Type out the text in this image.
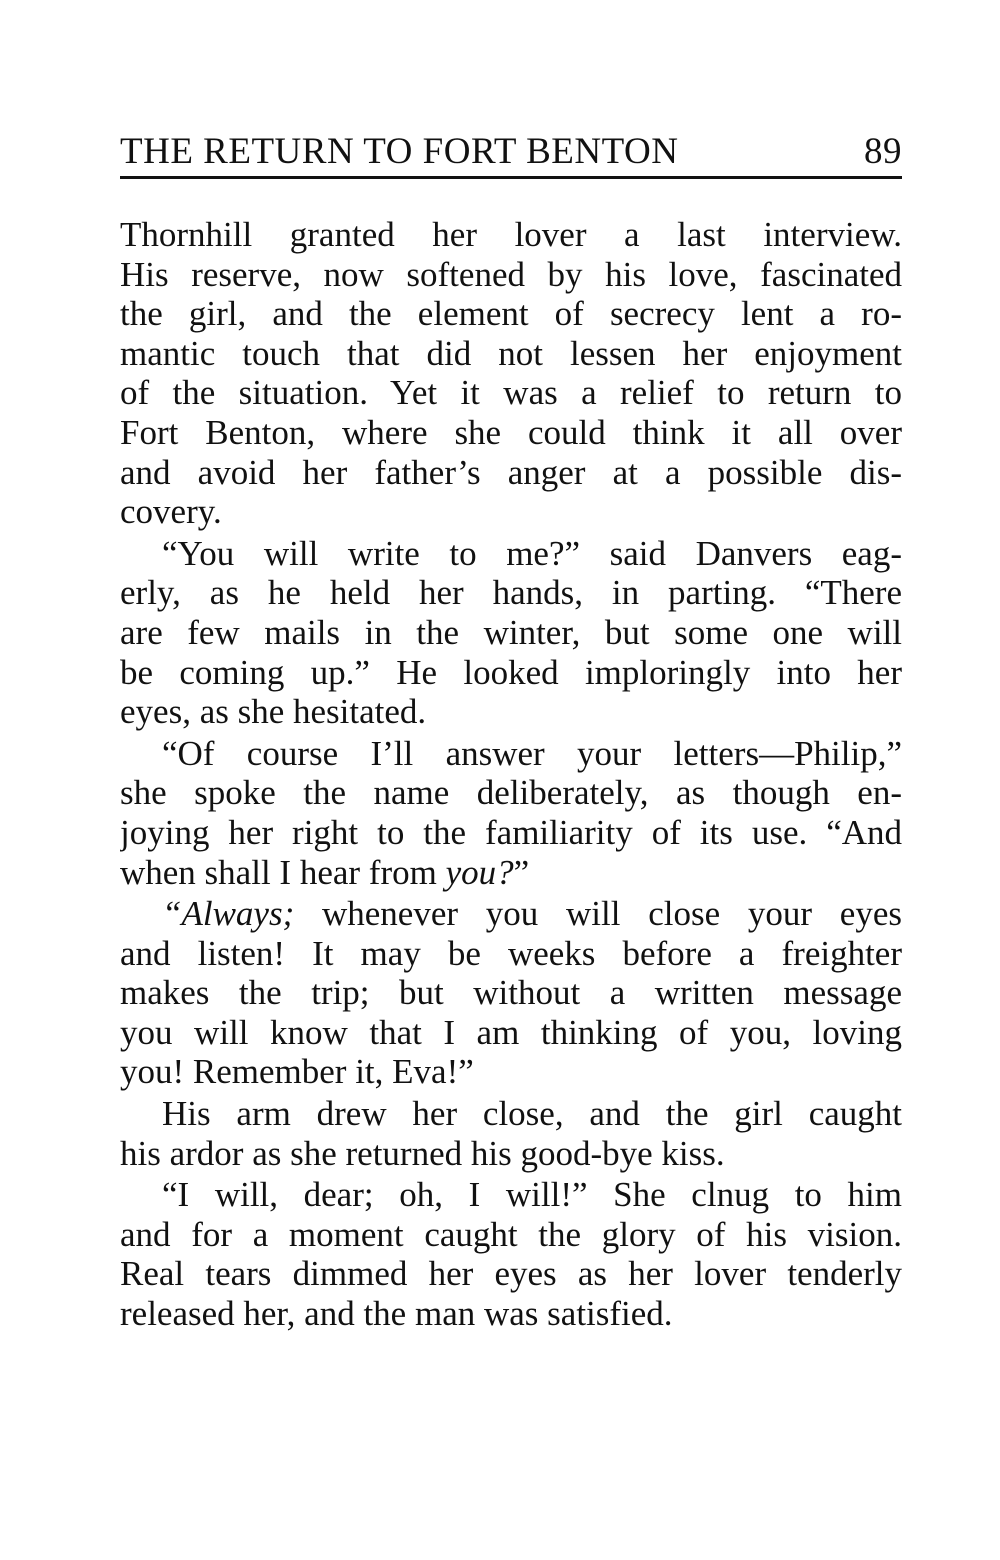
THE RETURN TO FORT BENTON	89
Thornhill granted her lover a last interview.
His reserve, now softened by his love, fascinated
the girl, and the element of secrecy lent a ro-
mantic touch that did not lessen her enjoyment
of the situation. Yet it was a relief to return to
Fort Benton, where she could think it all over
and avoid her father’s anger at a possible dis-
covery.
“You will write to me?” said Danvers eag-
erly, as he held her hands, in parting. “There
are few mails in the winter, but some one will
be coming up.” He looked imploringly into her
eyes, as she hesitated.
“Of course I’ll answer your letters—Philip,”
she spoke the name deliberately, as though en-
joying her right to the familiarity of its use. “And
when shall I hear from you?”
“Always; whenever you will close your eyes
and listen! It may be weeks before a freighter
makes the trip; but without a written message
you will know that I am thinking of you, loving
you! Remember it, Eva!”
His arm drew her close, and the girl caught
his ardor as she returned his good-bye kiss.
“I will, dear; oh, I will!” She clnug to him
and for a moment caught the glory of his vision.
Real tears dimmed her eyes as her lover tenderly
released her, and the man was satisfied.
